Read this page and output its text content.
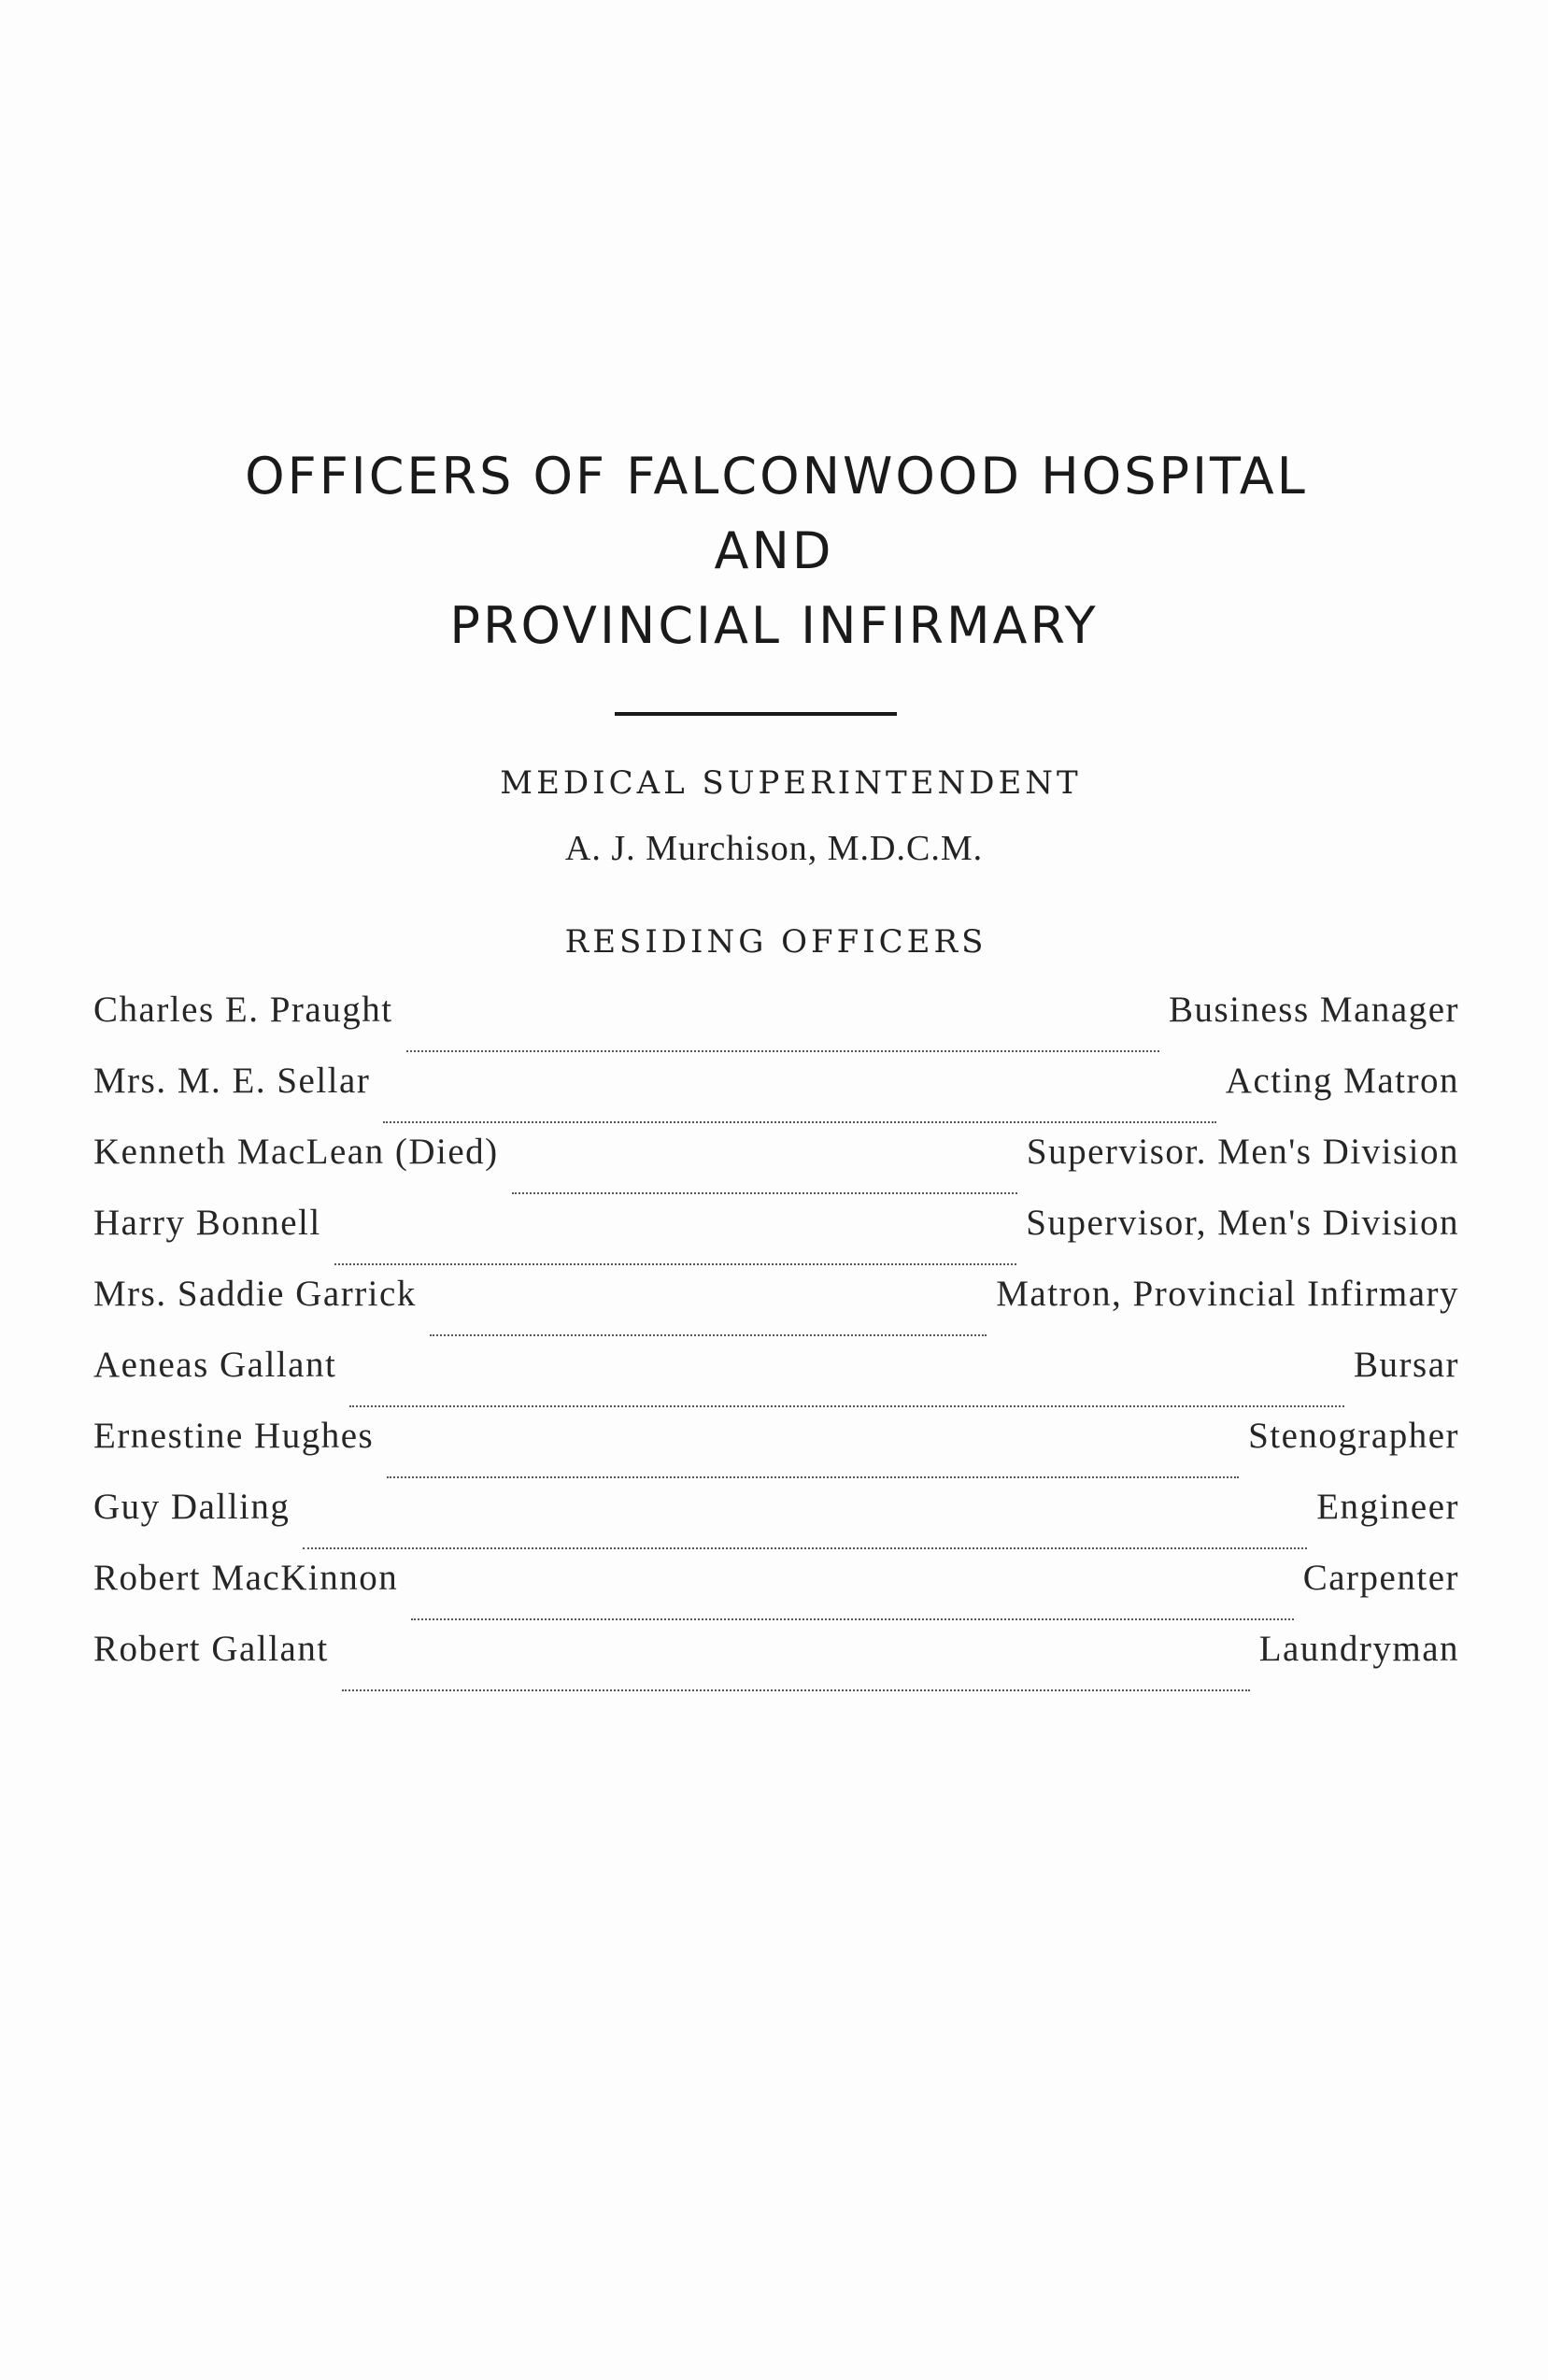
OFFICERS OF FALCONWOOD HOSPITAL
AND
PROVINCIAL INFIRMARY
MEDICAL SUPERINTENDENT
A. J. Murchison, M.D.C.M.
RESIDING OFFICERS
Charles E. Praught	Business Manager
Mrs. M. E. Sellar	Acting Matron
Kenneth MacLean (Died)	Supervisor. Men's Division
Harry Bonnell	Supervisor, Men's Division
Mrs. Saddie Garrick	Matron, Provincial Infirmary
Aeneas Gallant	Bursar
Ernestine Hughes	Stenographer
Guy Dalling	Engineer
Robert MacKinnon	Carpenter
Robert Gallant	Laundryman
